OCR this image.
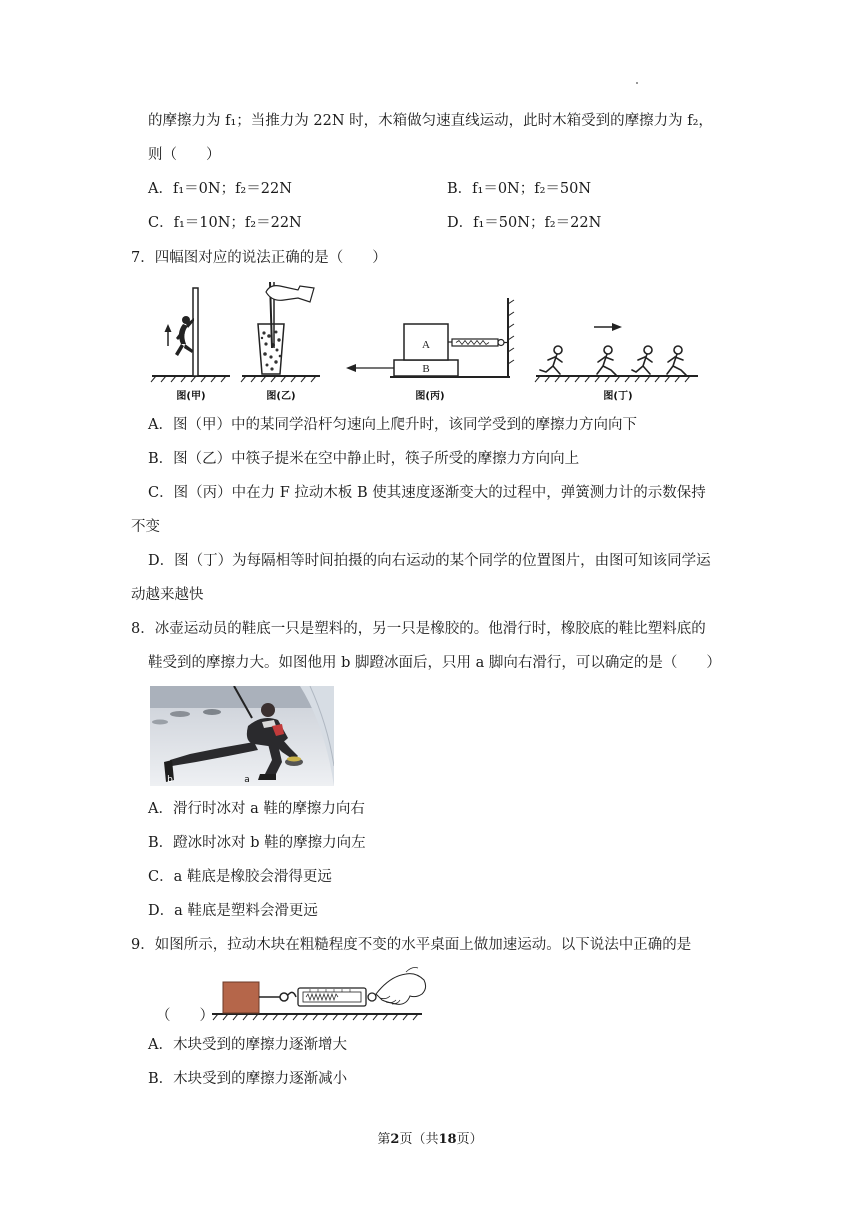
的摩擦力为 f₁；当推力为 22N 时，木箱做匀速直线运动，此时木箱受到的摩擦力为 f₂，
则（　　）
A．f₁＝0N；f₂＝22N	B．f₁＝0N；f₂＝50N
C．f₁＝10N；f₂＝22N	D．f₁＝50N；f₂＝22N
7．四幅图对应的说法正确的是（　　）
B
A
图(甲)	图(乙)	图(丙)	图(丁)
A．图（甲）中的某同学沿杆匀速向上爬升时，该同学受到的摩擦力方向向下
B．图（乙）中筷子提米在空中静止时，筷子所受的摩擦力方向向上
C．图（丙）中在力 F 拉动木板 B 使其速度逐渐变大的过程中，弹簧测力计的示数保持
不变
D．图（丁）为每隔相等时间拍摄的向右运动的某个同学的位置图片，由图可知该同学运
动越来越快
8．冰壶运动员的鞋底一只是塑料的，另一只是橡胶的。他滑行时，橡胶底的鞋比塑料底的
鞋受到的摩擦力大。如图他用 b 脚蹬冰面后，只用 a 脚向右滑行，可以确定的是（　　）
b	a
A．滑行时冰对 a 鞋的摩擦力向右
B．蹬冰时冰对 b 鞋的摩擦力向左
C．a 鞋底是橡胶会滑得更远
D．a 鞋底是塑料会滑更远
9．如图所示，拉动木块在粗糙程度不变的水平桌面上做加速运动。以下说法中正确的是
（　　）
A．木块受到的摩擦力逐渐增大
B．木块受到的摩擦力逐渐减小
第2页（共18页）
